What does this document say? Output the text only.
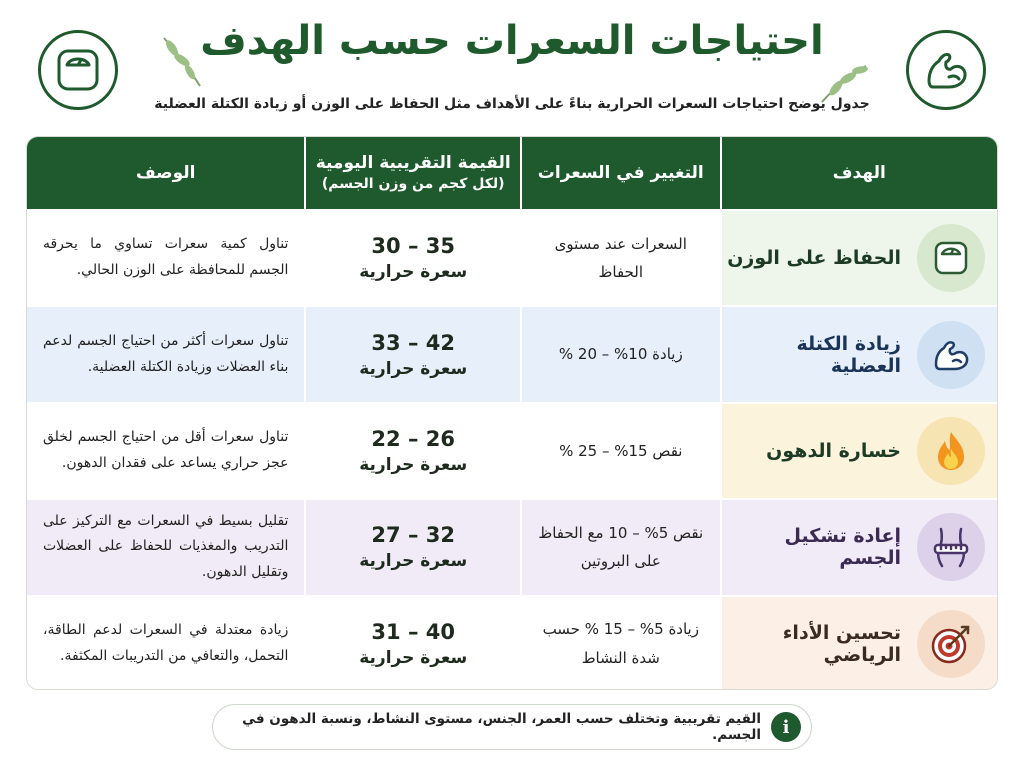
احتياجات السعرات حسب الهدف

جدول يوضح احتياجات السعرات الحرارية بناءً على الأهداف مثل الحفاظ على الوزن أو زيادة الكتلة العضلية

الهدف
التغيير في السعرات
القيمة التقريبية اليومية
(لكل كجم من وزن الجسم)
الوصف
الحفاظ على الوزن
السعرات عند مستوى الحفاظ
35 – 30
سعرة حرارية
تناول كمية سعرات تساوي ما يحرقه الجسم للمحافظة على الوزن الحالي.
زيادة الكتلة العضلية
زيادة 10% – 20 %
42 – 33
سعرة حرارية
تناول سعرات أكثر من احتياج الجسم لدعم بناء العضلات وزيادة الكتلة العضلية.
خسارة الدهون
نقص 15% – 25 %
26 – 22
سعرة حرارية
تناول سعرات أقل من احتياج الجسم لخلق عجز حراري يساعد على فقدان الدهون.
إعادة تشكيل الجسم
نقص 5% – 10 مع الحفاظ على البروتين
32 – 27
سعرة حرارية
تقليل بسيط في السعرات مع التركيز على التدريب والمغذيات للحفاظ على العضلات وتقليل الدهون.
تحسين الأداء الرياضي
زيادة 5% – 15 % حسب شدة النشاط
40 – 31
سعرة حرارية
زيادة معتدلة في السعرات لدعم الطاقة، التحمل، والتعافي من التدريبات المكثفة.
i
القيم تقريبية وتختلف حسب العمر، الجنس، مستوى النشاط، ونسبة الدهون في الجسم.
